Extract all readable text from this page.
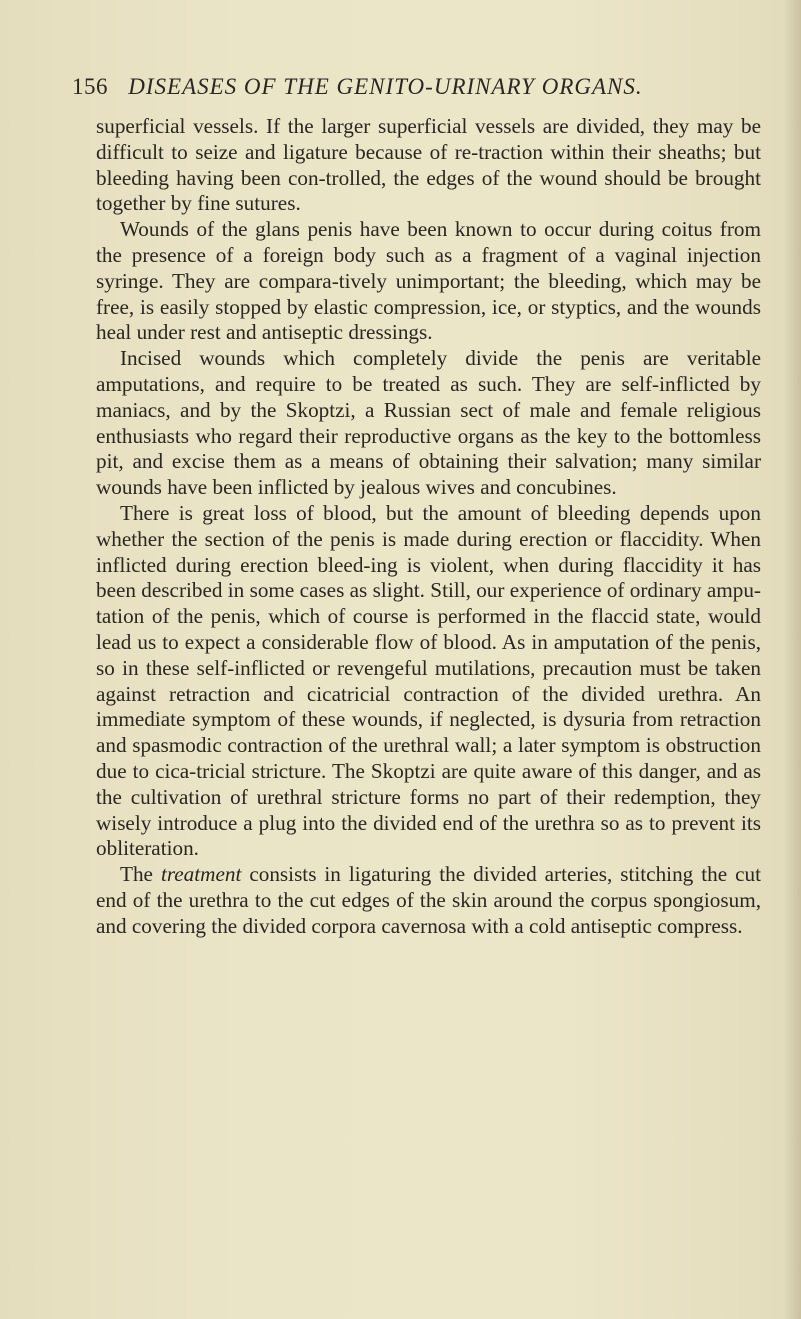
156 DISEASES OF THE GENITO-URINARY ORGANS.

superficial vessels. If the larger superficial vessels are divided, they may be difficult to seize and ligature because of re-traction within their sheaths; but bleeding having been con-trolled, the edges of the wound should be brought together by fine sutures.

Wounds of the glans penis have been known to occur during coitus from the presence of a foreign body such as a fragment of a vaginal injection syringe. They are compara-tively unimportant; the bleeding, which may be free, is easily stopped by elastic compression, ice, or styptics, and the wounds heal under rest and antiseptic dressings.

Incised wounds which completely divide the penis are veritable amputations, and require to be treated as such. They are self-inflicted by maniacs, and by the Skoptzi, a Russian sect of male and female religious enthusiasts who regard their reproductive organs as the key to the bottomless pit, and excise them as a means of obtaining their salvation; many similar wounds have been inflicted by jealous wives and concubines.

There is great loss of blood, but the amount of bleeding depends upon whether the section of the penis is made during erection or flaccidity. When inflicted during erection bleed-ing is violent, when during flaccidity it has been described in some cases as slight. Still, our experience of ordinary ampu-tation of the penis, which of course is performed in the flaccid state, would lead us to expect a considerable flow of blood. As in amputation of the penis, so in these self-inflicted or revengeful mutilations, precaution must be taken against retraction and cicatricial contraction of the divided urethra. An immediate symptom of these wounds, if neglected, is dysuria from retraction and spasmodic contraction of the urethral wall; a later symptom is obstruction due to cica-tricial stricture. The Skoptzi are quite aware of this danger, and as the cultivation of urethral stricture forms no part of their redemption, they wisely introduce a plug into the divided end of the urethra so as to prevent its obliteration.

The treatment consists in ligaturing the divided arteries, stitching the cut end of the urethra to the cut edges of the skin around the corpus spongiosum, and covering the divided corpora cavernosa with a cold antiseptic compress.
